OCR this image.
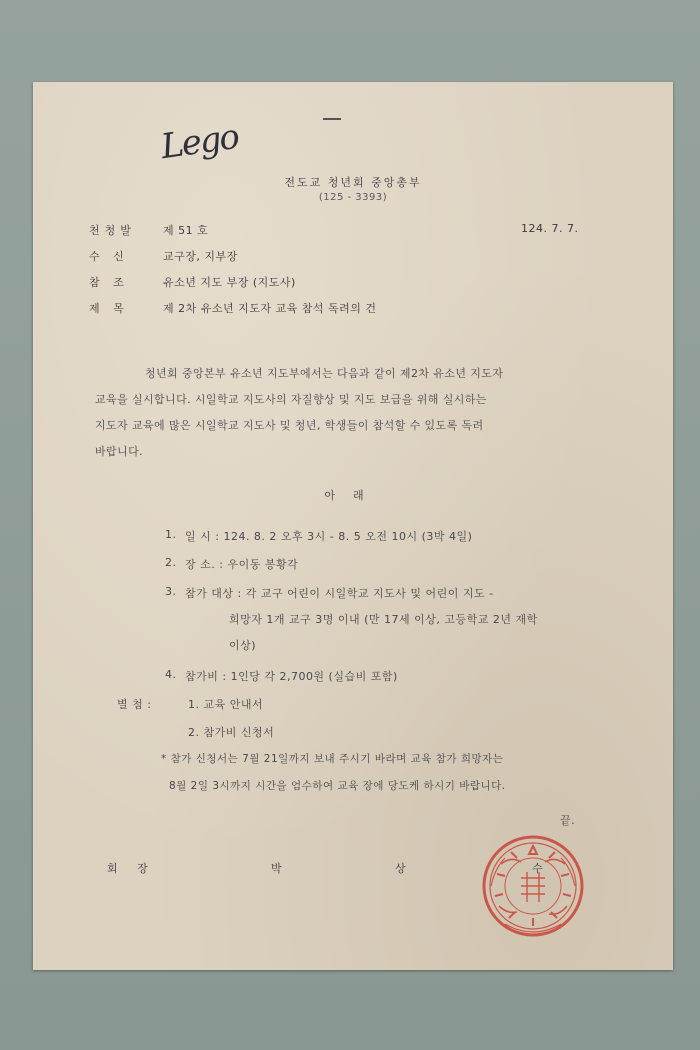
Lego
전도교 청년회 중앙총부
(125 - 3393)
천청발 제 51 호	124. 7. 7.
수 신	교구장, 지부장
참 조	유소년 지도 부장 (지도사)
제 목	제 2차 유소년 지도자 교육 참석 독려의 건
청년회 중앙본부 유소년 지도부에서는 다음과 같이 제2차 유소년 지도자
교육을 실시합니다. 시일학교 지도사의 자질향상 및 지도 보급을 위해 실시하는
지도자 교육에 많은 시일학교 지도사 및 청년, 학생들이 참석할 수 있도록 독려
바랍니다.
아래
1. 일 시 : 124. 8. 2 오후 3시 - 8. 5 오전 10시 (3박 4일)
2. 장 소. : 우이동 봉황각
3. 참가 대상 : 각 교구 어린이 시일학교 지도사 및 어린이 지도 -
희망자 1개 교구 3명 이내 (만 17세 이상, 고등학교 2년 재학
이상)
4. 참가비 : 1인당 각 2,700원 (실습비 포함)
별 첨 :	1. 교육 안내서
2. 참가비 신청서
* 참가 신청서는 7월 21일까지 보내 주시기 바라며 교육 참가 희망자는
8월 2일 3시까지 시간을 엄수하여 교육 장에 당도케 하시기 바랍니다.
끝.
회 장	박	상	수
